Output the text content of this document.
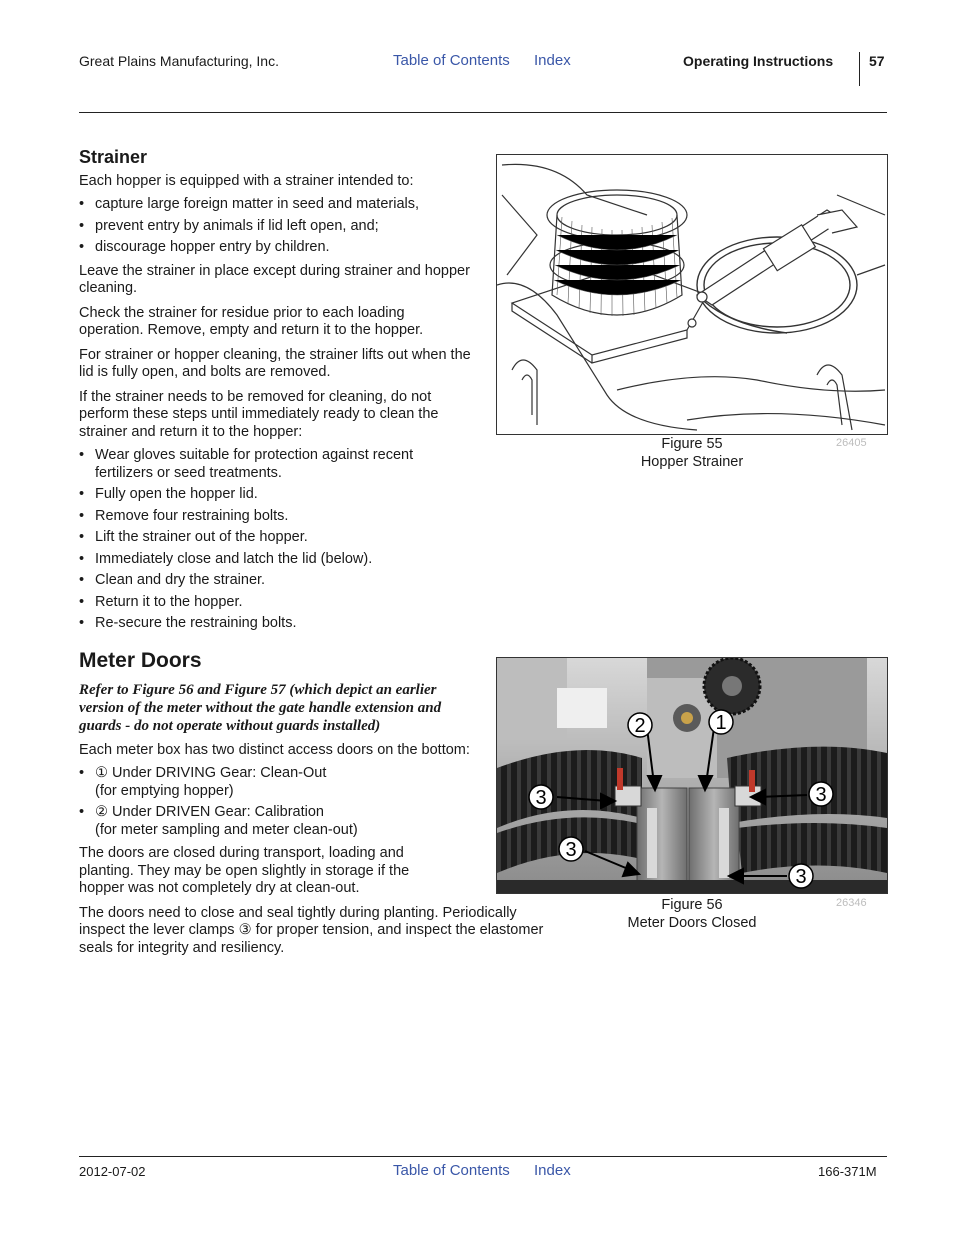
Great Plains Manufacturing, Inc.	Table of Contents Index	Operating Instructions	57
Strainer

Each hopper is equipped with a strainer intended to:

• capture large foreign matter in seed and materials,
• prevent entry by animals if lid left open, and;
• discourage hopper entry by children.

Leave the strainer in place except during strainer and hopper cleaning.

Check the strainer for residue prior to each loading operation. Remove, empty and return it to the hopper.

For strainer or hopper cleaning, the strainer lifts out when the lid is fully open, and bolts are removed.

If the strainer needs to be removed for cleaning, do not perform these steps until immediately ready to clean the strainer and return it to the hopper:

• Wear gloves suitable for protection against recent fertilizers or seed treatments.
• Fully open the hopper lid.
• Remove four restraining bolts.
• Lift the strainer out of the hopper.
• Immediately close and latch the lid (below).
• Clean and dry the strainer.
• Return it to the hopper.
• Re-secure the restraining bolts.
Figure 55
Hopper Strainer
26405
Meter Doors

Refer to Figure 56 and Figure 57 (which depict an earlier version of the meter without the gate handle extension and guards - do not operate without guards installed)

Each meter box has two distinct access doors on the bottom:

• ① Under DRIVING Gear: Clean-Out
(for emptying hopper)
• ② Under DRIVEN Gear: Calibration
(for meter sampling and meter clean-out)

The doors are closed during transport, loading and planting. They may be open slightly in storage if the hopper was not completely dry at clean-out.

The doors need to close and seal tightly during planting. Periodically inspect the lever clamps ③ for proper tension, and inspect the elastomer seals for integrity and resiliency.

2	1
3	3
3
3
Figure 56
Meter Doors Closed
26346
2012-07-02	Table of Contents Index	166-371M
